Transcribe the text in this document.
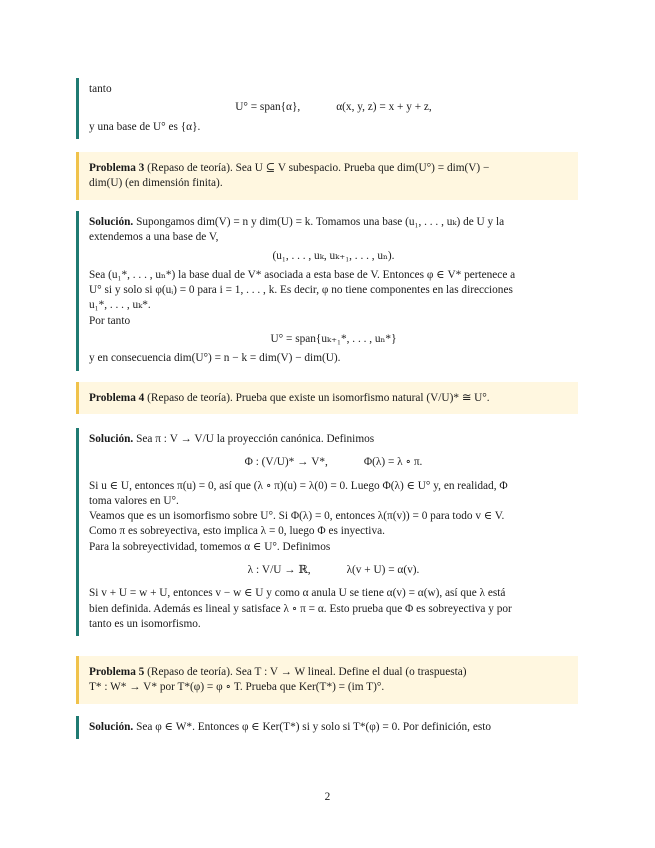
tanto
U° = span{α},	α(x, y, z) = x + y + z,
y una base de U° es {α}.
Problema 3 (Repaso de teoría). Sea U ⊆ V subespacio. Prueba que dim(U°) = dim(V) −
dim(U) (en dimensión finita).
Solución. Supongamos dim(V) = n y dim(U) = k. Tomamos una base (u₁, . . . , uₖ) de U y la
extendemos a una base de V,
(u₁, . . . , uₖ, uₖ₊₁, . . . , uₙ).
Sea (u₁*, . . . , uₙ*) la base dual de V* asociada a esta base de V. Entonces φ ∈ V* pertenece a
U° si y solo si φ(uᵢ) = 0 para i = 1, . . . , k. Es decir, φ no tiene componentes en las direcciones
u₁*, . . . , uₖ*.
Por tanto
U° = span{uₖ₊₁*, . . . , uₙ*}
y en consecuencia dim(U°) = n − k = dim(V) − dim(U).
Problema 4 (Repaso de teoría). Prueba que existe un isomorfismo natural (V/U)* ≅ U°.
Solución. Sea π : V → V/U la proyección canónica. Definimos
Φ : (V/U)* → V*,	Φ(λ) = λ ∘ π.
Si u ∈ U, entonces π(u) = 0, así que (λ ∘ π)(u) = λ(0) = 0. Luego Φ(λ) ∈ U° y, en realidad, Φ
toma valores en U°.
Veamos que es un isomorfismo sobre U°. Si Φ(λ) = 0, entonces λ(π(v)) = 0 para todo v ∈ V.
Como π es sobreyectiva, esto implica λ = 0, luego Φ es inyectiva.
Para la sobreyectividad, tomemos α ∈ U°. Definimos
λ : V/U → ℝ,	λ(v + U) = α(v).
Si v + U = w + U, entonces v − w ∈ U y como α anula U se tiene α(v) = α(w), así que λ está
bien definida. Además es lineal y satisface λ ∘ π = α. Esto prueba que Φ es sobreyectiva y por
tanto es un isomorfismo.
Problema 5 (Repaso de teoría). Sea T : V → W lineal. Define el dual (o traspuesta)
T* : W* → V* por T*(φ) = φ ∘ T. Prueba que Ker(T*) = (im T)°.
Solución. Sea φ ∈ W*. Entonces φ ∈ Ker(T*) si y solo si T*(φ) = 0. Por definición, esto
2
